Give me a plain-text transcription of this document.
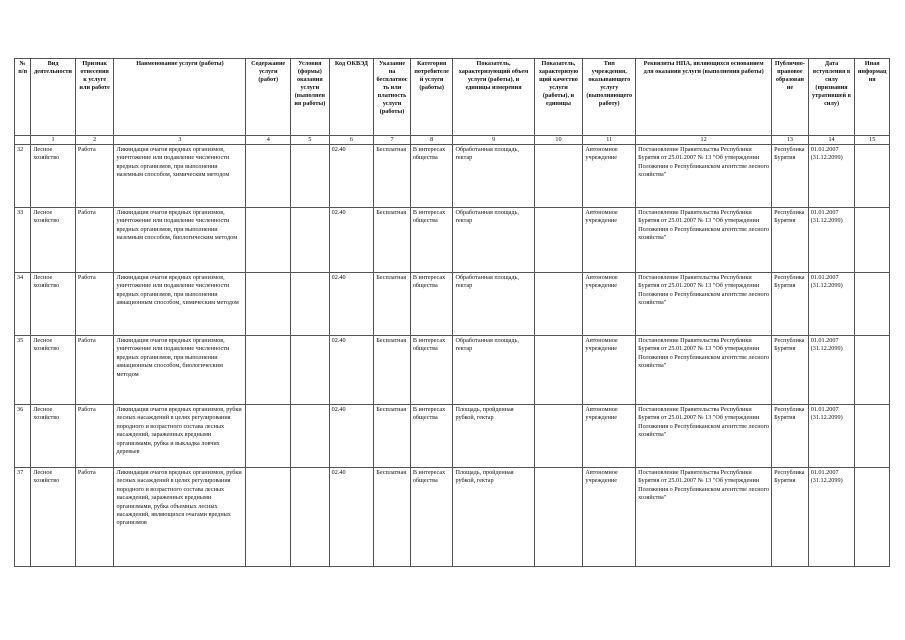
№ п/п	Вид деятельности	Признак отнесения к услуге или работе	Наименование услуги (работы)	Содержание услуги (работ)	Условия (формы) оказания услуги (выполнения работы)	Код ОКВЭД	Указание на бесплатность или платность услуги (работы)	Категория потребителей услуги (работы)	Показатель, характеризующий объем услуги (работы), и единицы измерения	Показатель, характеризующий качество услуги (работы), и единицы	Тип учреждения, оказывающего услугу (выполняющего работу)	Реквизиты НПА, являющихся основанием для оказания услуги (выполнения работы)	Публично-правовое образование	Дата вступления в силу (признания утратившей в силу)	Иная информация
	1	2	3	4	5	6	7	8	9	10	11	12	13	14	15
32	Лесное хозяйство	Работа	Ликвидация очагов вредных организмов, уничтожение или подавление численности вредных организмов, при выполнении наземным способом, химическим методом			02.40	Бесплатная	В интересах общества	Обработанная площадь, гектар		Автономное учреждение	Постановление Правительства Республики Бурятия от 25.01.2007 № 13 "Об утверждении Положения о Республиканском агентстве лесного хозяйства"	Республика Бурятия	01.01.2007 (31.12.2099)	
33	Лесное хозяйство	Работа	Ликвидация очагов вредных организмов, уничтожение или подавление численности вредных организмов, при выполнении наземным способом, биологическим методом			02.40	Бесплатная	В интересах общества	Обработанная площадь, гектар		Автономное учреждение	Постановление Правительства Республики Бурятия от 25.01.2007 № 13 "Об утверждении Положения о Республиканском агентстве лесного хозяйства"	Республика Бурятия	01.01.2007 (31.12.2099)	
34	Лесное хозяйство	Работа	Ликвидация очагов вредных организмов, уничтожение или подавление численности вредных организмов, при выполнении авиационным способом, химическим методом			02.40	Бесплатная	В интересах общества	Обработанная площадь, гектар		Автономное учреждение	Постановление Правительства Республики Бурятия от 25.01.2007 № 13 "Об утверждении Положения о Республиканском агентстве лесного хозяйства"	Республика Бурятия	01.01.2007 (31.12.2099)	
35	Лесное хозяйство	Работа	Ликвидация очагов вредных организмов, уничтожение или подавление численности вредных организмов, при выполнении авиационным способом, биологическим методом			02.40	Бесплатная	В интересах общества	Обработанная площадь, гектар		Автономное учреждение	Постановление Правительства Республики Бурятия от 25.01.2007 № 13 "Об утверждении Положения о Республиканском агентстве лесного хозяйства"	Республика Бурятия	01.01.2007 (31.12.2099)	
36	Лесное хозяйство	Работа	Ликвидация очагов вредных организмов, рубки лесных насаждений в целях регулирования породного и возрастного состава лесных насаждений, зараженных вредными организмами, рубка и выкладка ловчих деревьев			02.40	Бесплатная	В интересах общества	Площадь, пройденная рубкой, гектар		Автономное учреждение	Постановление Правительства Республики Бурятия от 25.01.2007 № 13 "Об утверждении Положения о Республиканском агентстве лесного хозяйства"	Республика Бурятия	01.01.2007 (31.12.2099)	
37	Лесное хозяйство	Работа	Ликвидация очагов вредных организмов, рубки лесных насаждений в целях регулирования породного и возрастного состава лесных насаждений, зараженных вредными организмами, рубка объемных лесных насаждений, являющихся очагами вредных организмов			02.40	Бесплатная	В интересах общества	Площадь, пройденная рубкой, гектар		Автономное учреждение	Постановление Правительства Республики Бурятия от 25.01.2007 № 13 "Об утверждении Положения о Республиканском агентстве лесного хозяйства"	Республика Бурятия	01.01.2007 (31.12.2099)	
